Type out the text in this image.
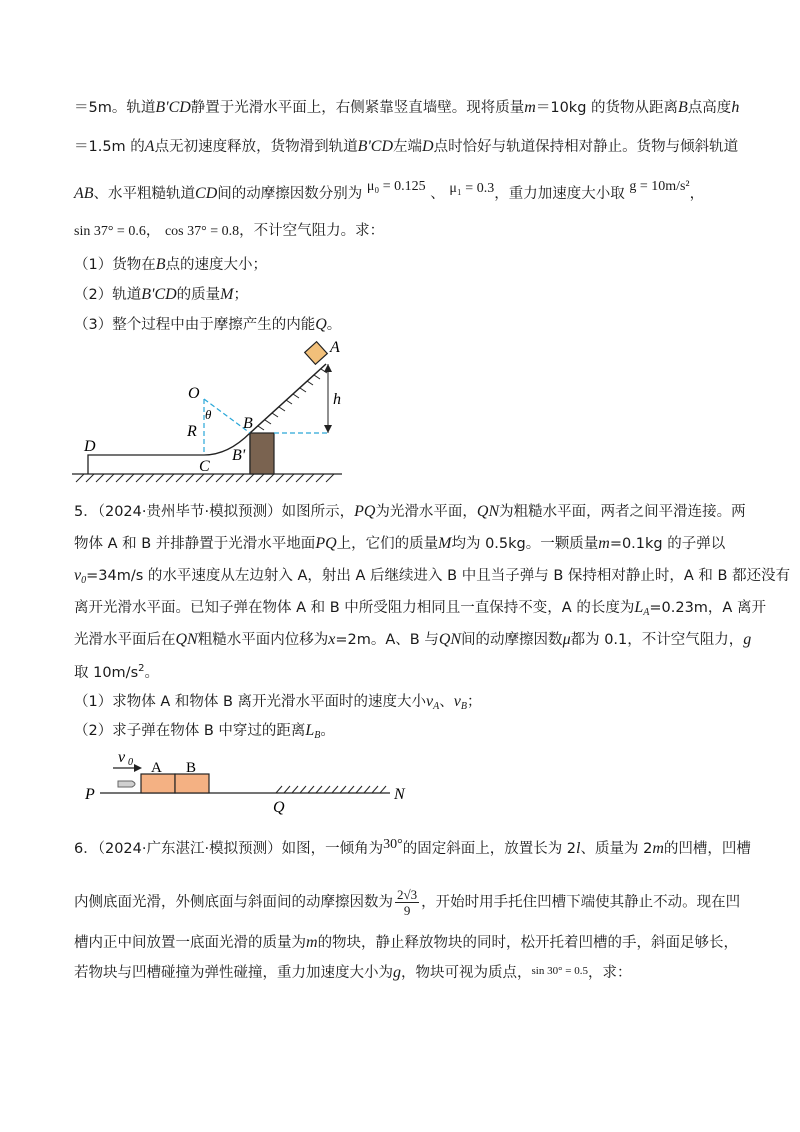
＝5m。轨道B'CD静置于光滑水平面上，右侧紧靠竖直墙壁。现将质量m＝10kg 的货物从距离B点高度h
＝1.5m 的A点无初速度释放，货物滑到轨道B'CD左端D点时恰好与轨道保持相对静止。货物与倾斜轨道
AB、水平粗糙轨道CD间的动摩擦因数分别为 μ₀ = 0.125 、 μ₁ = 0.3，重力加速度大小取 g = 10m/s²，
sin 37° = 0.6， cos 37° = 0.8，不计空气阻力。求：
（1）货物在B点的速度大小；
（2）轨道B'CD的质量M；
（3）整个过程中由于摩擦产生的内能Q。
A
h
O
θ
B
R
B'
D
C
5．（2024·贵州毕节·模拟预测）如图所示，PQ为光滑水平面，QN为粗糙水平面，两者之间平滑连接。两
物体 A 和 B 并排静置于光滑水平地面PQ上，它们的质量M均为 0.5kg。一颗质量m=0.1kg 的子弹以
$v_0=34m/s$ 的水平速度从左边射入 A，射出 A 后继续进入 B 中且当子弹与 B 保持相对静止时，A 和 B 都还没有
离开光滑水平面。已知子弹在物体 A 和 B 中所受阻力相同且一直保持不变，A 的长度为$L_A=0.23m$，A 离开
光滑水平面后在QN粗糙水平面内位移为x=2m。A、B 与QN间的动摩擦因数μ都为 0.1，不计空气阻力，g
取 $10m/s^2$。
（1）求物体 A 和物体 B 离开光滑水平面时的速度大小$v_A$、$v_B$；
（2）求子弹在物体 B 中穿过的距离$L_B$。
v 0 A B
P
Q
N
6．（2024·广东湛江·模拟预测）如图，一倾角为30°的固定斜面上，放置长为 2l、质量为 2m的凹槽，凹槽
内侧底面光滑，外侧底面与斜面间的动摩擦因数为 $\frac{2√3}{9}$ ，开始时用手托住凹槽下端使其静止不动。现在凹
槽内正中间放置一底面光滑的质量为m的物块，静止释放物块的同时，松开托着凹槽的手，斜面足够长，
若物块与凹槽碰撞为弹性碰撞，重力加速度大小为g，物块可视为质点，$^{sin 30^\circ = 0.5}$，求：
